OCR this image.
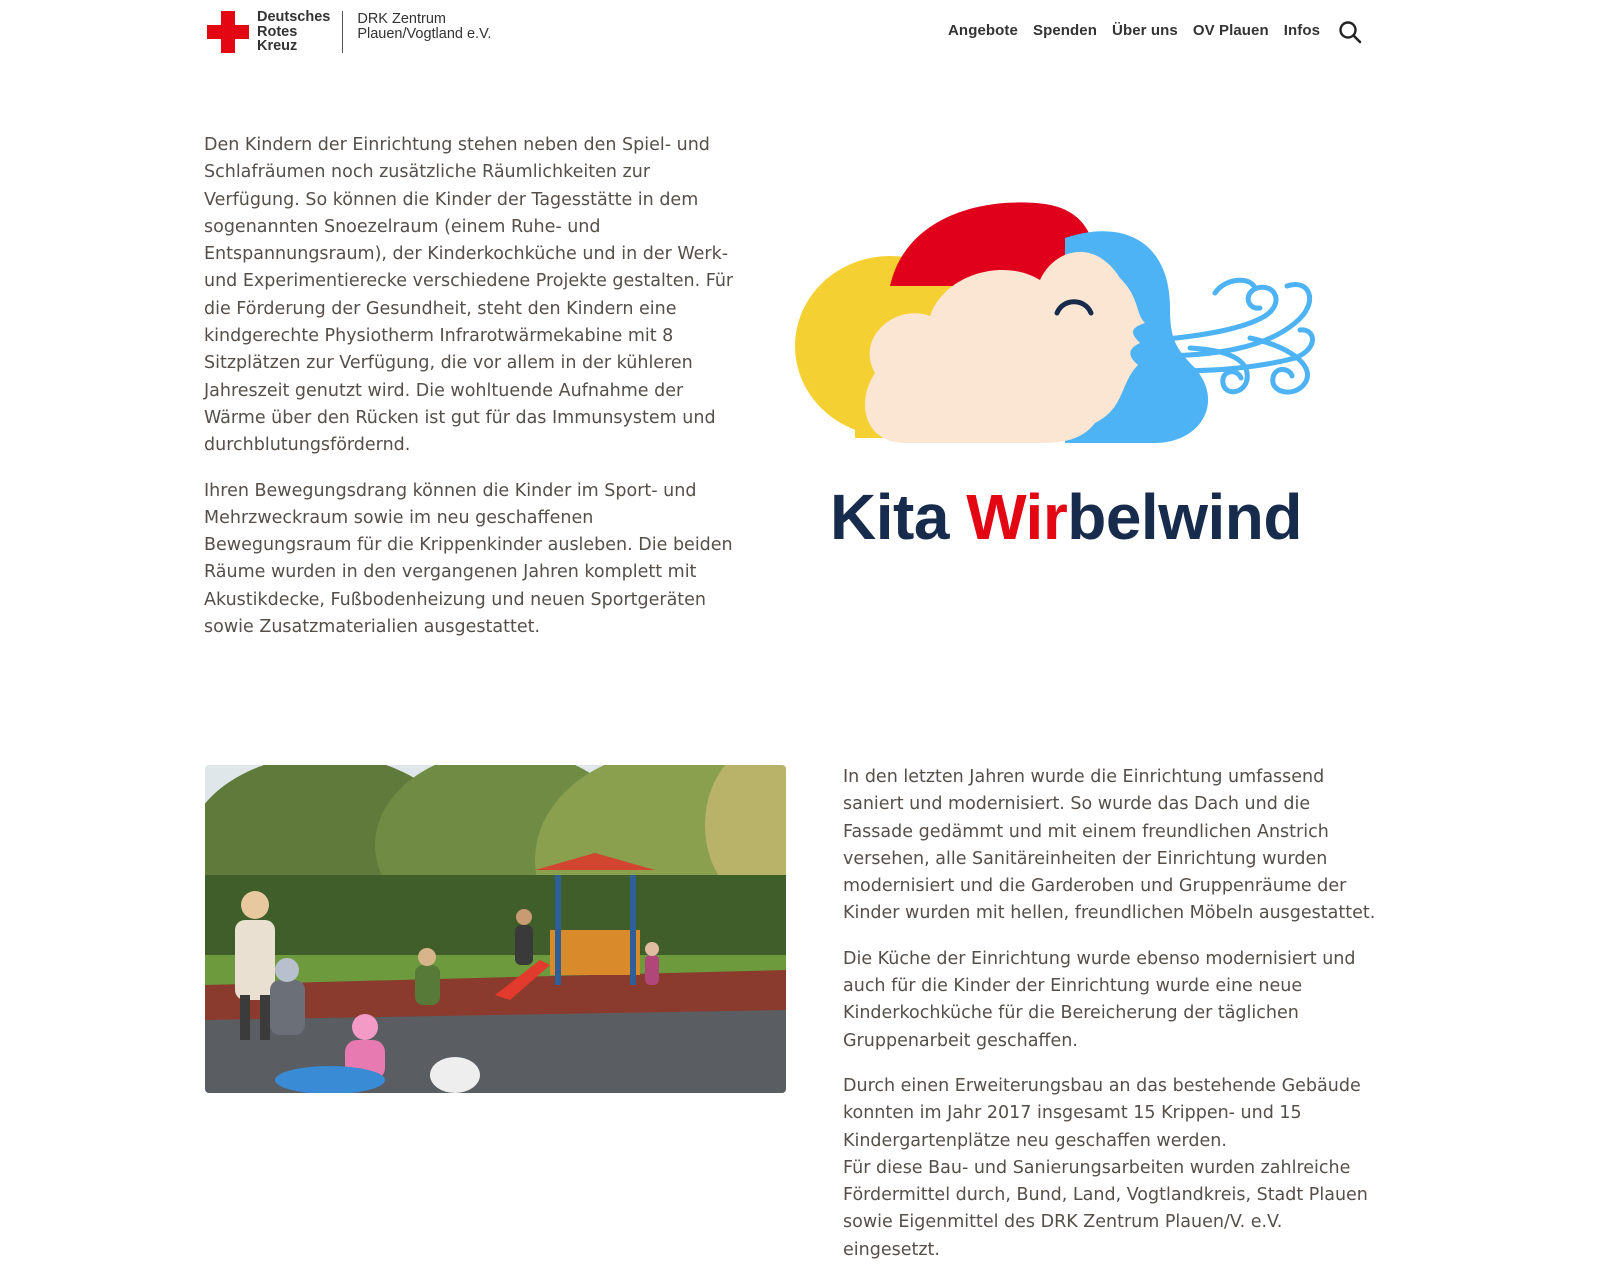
Deutsches
Rotes
Kreuz
DRK Zentrum
Plauen/Vogtland e.V.	Angebote Spenden Über uns OV Plauen Infos

Den Kindern der Einrichtung stehen neben den Spiel- und Schlafräumen noch zusätzliche Räumlichkeiten zur Verfügung. So können die Kinder der Tagesstätte in dem sogenannten Snoezelraum (einem Ruhe- und Entspannungsraum), der Kinderkochküche und in der Werk- und Experimentierecke verschiedene Projekte gestalten. Für die Förderung der Gesundheit, steht den Kindern eine kindgerechte Physiotherm Infrarotwärmekabine mit 8 Sitzplätzen zur Verfügung, die vor allem in der kühleren Jahreszeit genutzt wird. Die wohltuende Aufnahme der Wärme über den Rücken ist gut für das Immunsystem und durchblutungsfördernd.

Ihren Bewegungsdrang können die Kinder im Sport- und Mehrzweckraum sowie im neu geschaffenen Bewegungsraum für die Krippenkinder ausleben. Die beiden Räume wurden in den vergangenen Jahren komplett mit Akustikdecke, Fußbodenheizung und neuen Sportgeräten sowie Zusatzmaterialien ausgestattet.

Kita Wirbelwind

In den letzten Jahren wurde die Einrichtung umfassend saniert und modernisiert. So wurde das Dach und die Fassade gedämmt und mit einem freundlichen Anstrich versehen, alle Sanitäreinheiten der Einrichtung wurden modernisiert und die Garderoben und Gruppenräume der Kinder wurden mit hellen, freundlichen Möbeln ausgestattet.

Die Küche der Einrichtung wurde ebenso modernisiert und auch für die Kinder der Einrichtung wurde eine neue Kinderkochküche für die Bereicherung der täglichen Gruppenarbeit geschaffen.

Durch einen Erweiterungsbau an das bestehende Gebäude konnten im Jahr 2017 insgesamt 15 Krippen- und 15 Kindergartenplätze neu geschaffen werden.
Für diese Bau- und Sanierungsarbeiten wurden zahlreiche Fördermittel durch, Bund, Land, Vogtlandkreis, Stadt Plauen sowie Eigenmittel des DRK Zentrum Plauen/V. e.V. eingesetzt.
